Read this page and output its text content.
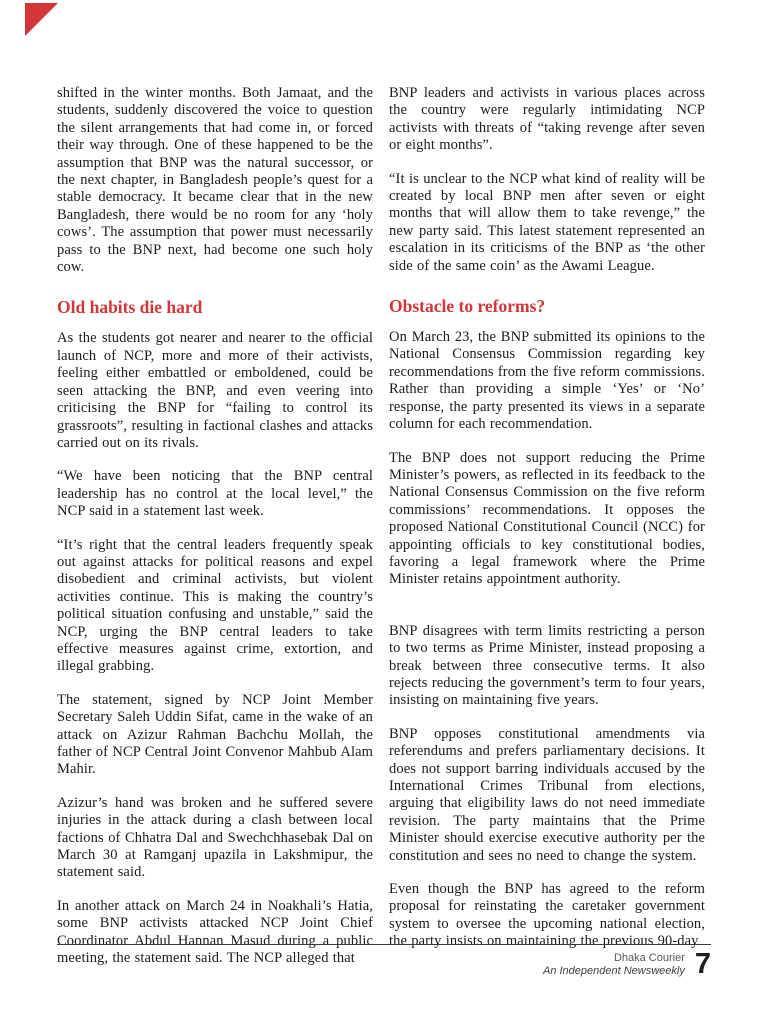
shifted in the winter months. Both Jamaat, and the students, suddenly discovered the voice to question the silent arrangements that had come in, or forced their way through. One of these happened to be the assumption that BNP was the natural successor, or the next chapter, in Bangladesh people’s quest for a stable democracy. It became clear that in the new Bangladesh, there would be no room for any ‘holy cows’. The assumption that power must necessarily pass to the BNP next, had become one such holy cow.

Old habits die hard

As the students got nearer and nearer to the official launch of NCP, more and more of their activists, feeling either embattled or emboldened, could be seen attacking the BNP, and even veering into criticising the BNP for “failing to control its grassroots”, resulting in factional clashes and attacks carried out on its rivals.

“We have been noticing that the BNP central leadership has no control at the local level,” the NCP said in a statement last week.

“It’s right that the central leaders frequently speak out against attacks for political reasons and expel disobedient and criminal activists, but violent activities continue. This is making the country’s political situation confusing and unstable,” said the NCP, urging the BNP central leaders to take effective measures against crime, extortion, and illegal grabbing.

The statement, signed by NCP Joint Member Secretary Saleh Uddin Sifat, came in the wake of an attack on Azizur Rahman Bachchu Mollah, the father of NCP Central Joint Convenor Mahbub Alam Mahir.

Azizur’s hand was broken and he suffered severe injuries in the attack during a clash between local factions of Chhatra Dal and Swechchhasebak Dal on March 30 at Ramganj upazila in Lakshmipur, the statement said.

In another attack on March 24 in Noakhali’s Hatia, some BNP activists attacked NCP Joint Chief Coordinator Abdul Hannan Masud during a public meeting, the statement said. The NCP alleged that

BNP leaders and activists in various places across the country were regularly intimidating NCP activists with threats of “taking revenge after seven or eight months”.

“It is unclear to the NCP what kind of reality will be created by local BNP men after seven or eight months that will allow them to take revenge,” the new party said. This latest statement represented an escalation in its criticisms of the BNP as ‘the other side of the same coin’ as the Awami League.

Obstacle to reforms?

On March 23, the BNP submitted its opinions to the National Consensus Commission regarding key recommendations from the five reform commissions. Rather than providing a simple ‘Yes’ or ‘No’ response, the party presented its views in a separate column for each recommendation.

The BNP does not support reducing the Prime Minister’s powers, as reflected in its feedback to the National Consensus Commission on the five reform commissions’ recommendations. It opposes the proposed National Constitutional Council (NCC) for appointing officials to key constitutional bodies, favoring a legal framework where the Prime Minister retains appointment authority.

BNP disagrees with term limits restricting a person to two terms as Prime Minister, instead proposing a break between three consecutive terms. It also rejects reducing the government’s term to four years, insisting on maintaining five years.

BNP opposes constitutional amendments via referendums and prefers parliamentary decisions. It does not support barring individuals accused by the International Crimes Tribunal from elections, arguing that eligibility laws do not need immediate revision. The party maintains that the Prime Minister should exercise executive authority per the constitution and sees no need to change the system.

Even though the BNP has agreed to the reform proposal for reinstating the caretaker government system to oversee the upcoming national election, the party insists on maintaining the previous 90-day

Dhaka Courier
An Independent Newsweekly 7
